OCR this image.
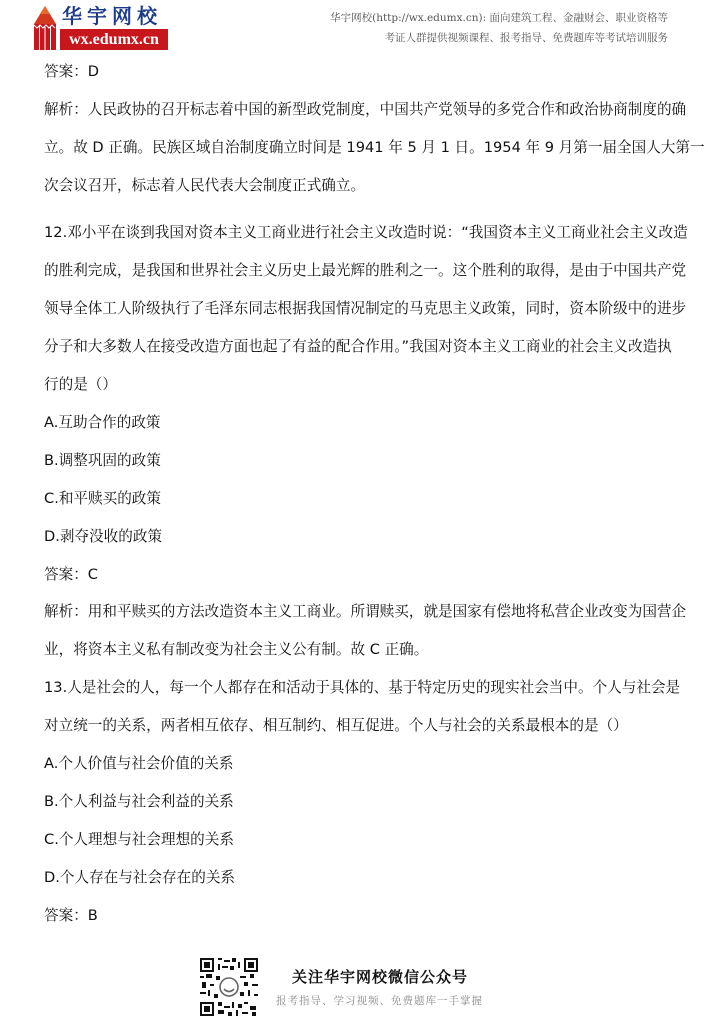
华宇网校
wx.edumx.cn
华宇网校(http://wx.edumx.cn): 面向建筑工程、金融财会、职业资格等
考证人群提供视频课程、报考指导、免费题库等考试培训服务
答案：D
解析：人民政协的召开标志着中国的新型政党制度，中国共产党领导的多党合作和政治协商制度的确
立。故 D 正确。民族区域自治制度确立时间是 1941 年 5 月 1 日。1954 年 9 月第一届全国人大第一
次会议召开，标志着人民代表大会制度正式确立。
12.邓小平在谈到我国对资本主义工商业进行社会主义改造时说：“我国资本主义工商业社会主义改造
的胜利完成，是我国和世界社会主义历史上最光辉的胜利之一。这个胜利的取得，是由于中国共产党
领导全体工人阶级执行了毛泽东同志根据我国情况制定的马克思主义政策，同时，资本阶级中的进步
分子和大多数人在接受改造方面也起了有益的配合作用。”我国对资本主义工商业的社会主义改造执
行的是（）
A.互助合作的政策
B.调整巩固的政策
C.和平赎买的政策
D.剥夺没收的政策
答案：C
解析：用和平赎买的方法改造资本主义工商业。所谓赎买，就是国家有偿地将私营企业改变为国营企
业，将资本主义私有制改变为社会主义公有制。故 C 正确。
13.人是社会的人，每一个人都存在和活动于具体的、基于特定历史的现实社会当中。个人与社会是
对立统一的关系，两者相互依存、相互制约、相互促进。个人与社会的关系最根本的是（）
A.个人价值与社会价值的关系
B.个人利益与社会利益的关系
C.个人理想与社会理想的关系
D.个人存在与社会存在的关系
答案：B
关注华宇网校微信公众号
报考指导、学习视频、免费题库一手掌握
